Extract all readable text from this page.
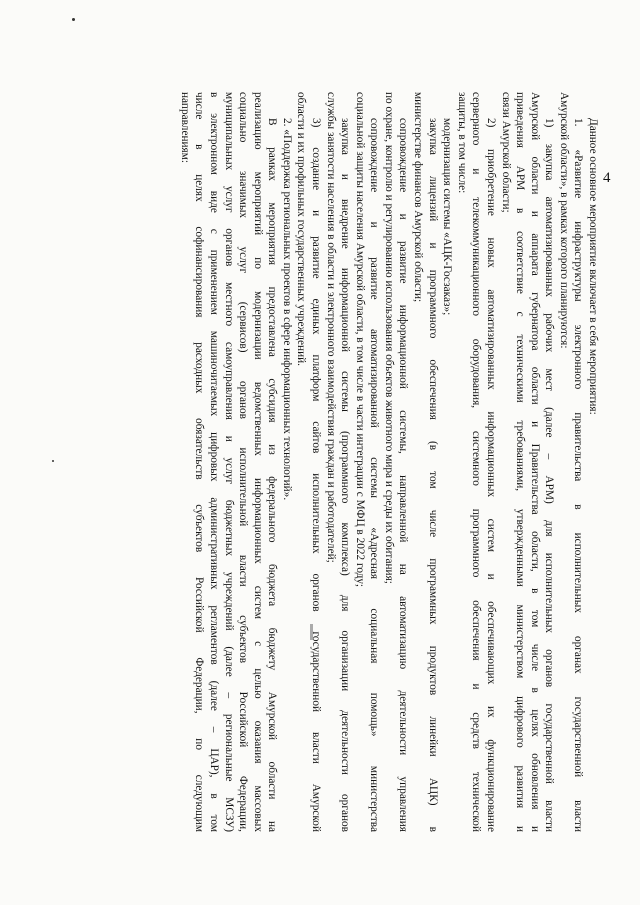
4

Данное основное мероприятие включает в себя мероприятия:

1. «Развитие инфраструктуры электронного правительства в исполнительных органах государственной власти

Амурской области», в рамках которого планируются:

1) закупка автоматизированных рабочих мест (далее – АРМ) для исполнительных органов государственной власти

Амурской области и аппарата губернатора области и Правительства области, в том числе в целях обновления и

приведения АРМ в соответствие с техническими требованиями, утвержденными министерством цифрового развития и

связи Амурской области;

2) приобретение новых автоматизированных информационных систем и обеспечивающих их функционирование

серверного и телекоммуникационного оборудования, системного программного обеспечения и средств технической

защиты, в том числе:

модернизация системы «АЦК-Госзаказ»;

закупка лицензий и программного обеспечения (в том числе программных продуктов линейки АЦК) в

министерстве финансов Амурской области;

сопровождение и развитие информационной системы, направленной на автоматизацию деятельности управления

по охране, контролю и регулированию использования объектов животного мира и среды их обитания;

сопровождение и развитие автоматизированной системы «Адресная социальная помощь» министерства

социальной защиты населения Амурской области, в том числе в части интеграции с МФЦ в 2022 году;

закупка и внедрение информационной системы (программного комплекса) для организации деятельности органов

службы занятости населения в области и электронного взаимодействия граждан и работодателей;

3) создание и развитие единых платформ сайтов исполнительных органов государственной власти Амурской

области и их профильных государственных учреждений.

2. «Поддержка региональных проектов в сфере информационных технологий».

В рамках мероприятия предоставлена субсидия из федерального бюджета бюджету Амурской области на

реализацию мероприятий по модернизации ведомственных информационных систем с целью оказания массовых

социально значимых услуг (сервисов) органов исполнительной власти субъектов Российской Федерации,

муниципальных услуг органов местного самоуправления и услуг бюджетных учреждений (далее – региональные МСЗУ)

в электронном виде с применением машиночитаемых цифровых административных регламентов (далее – ЦАР), в том

числе в целях софинансирования расходных обязательств субъектов Российской Федерации, по следующим

направлениям:
